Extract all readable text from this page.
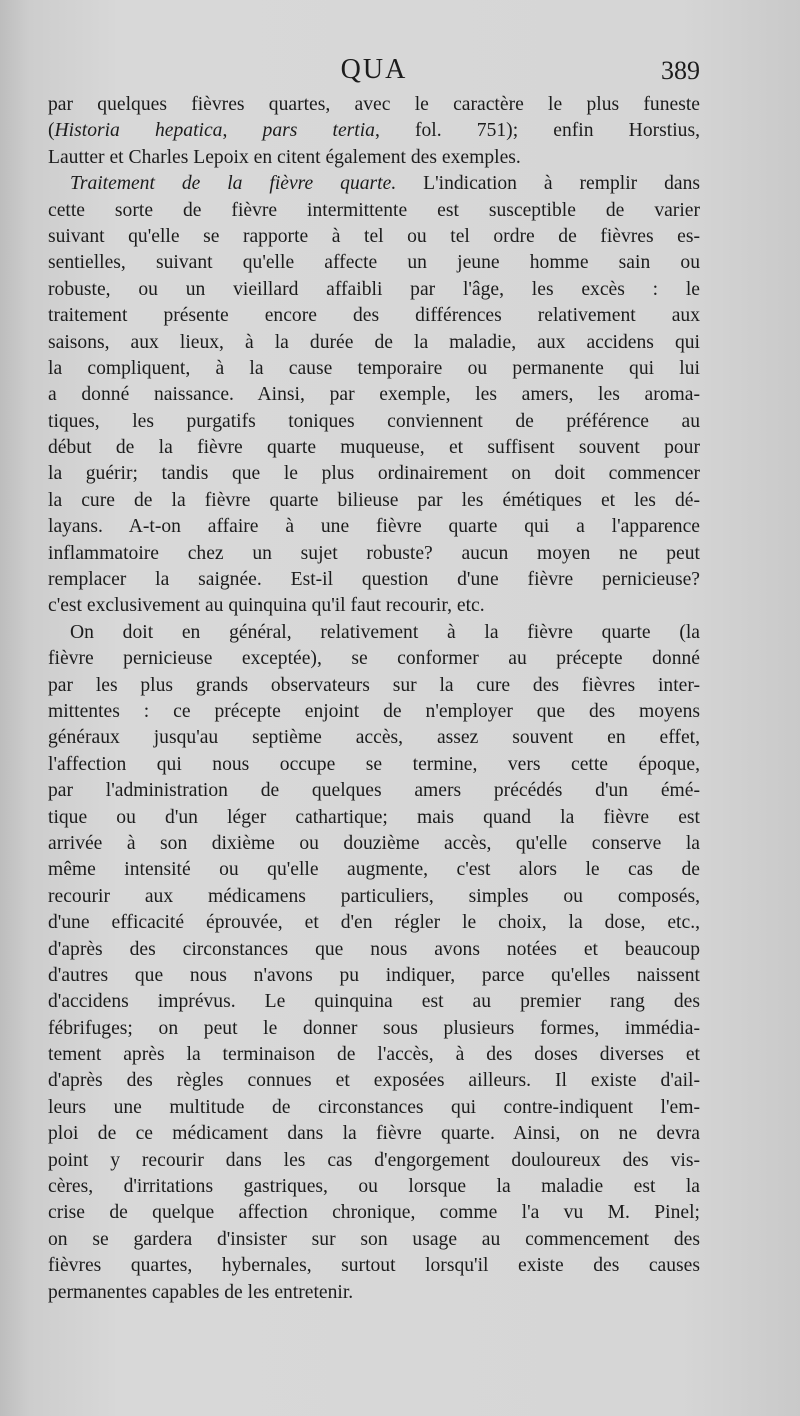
QUA	389
par quelques fièvres quartes, avec le caractère le plus funeste
(Historia hepatica, pars tertia, fol. 751); enfin Horstius,
Lautter et Charles Lepoix en citent également des exemples.
Traitement de la fièvre quarte. L'indication à remplir dans
cette sorte de fièvre intermittente est susceptible de varier
suivant qu'elle se rapporte à tel ou tel ordre de fièvres es-
sentielles, suivant qu'elle affecte un jeune homme sain ou
robuste, ou un vieillard affaibli par l'âge, les excès : le
traitement présente encore des différences relativement aux
saisons, aux lieux, à la durée de la maladie, aux accidens qui
la compliquent, à la cause temporaire ou permanente qui lui
a donné naissance. Ainsi, par exemple, les amers, les aroma-
tiques, les purgatifs toniques conviennent de préférence au
début de la fièvre quarte muqueuse, et suffisent souvent pour
la guérir; tandis que le plus ordinairement on doit commencer
la cure de la fièvre quarte bilieuse par les émétiques et les dé-
layans. A-t-on affaire à une fièvre quarte qui a l'apparence
inflammatoire chez un sujet robuste? aucun moyen ne peut
remplacer la saignée. Est-il question d'une fièvre pernicieuse?
c'est exclusivement au quinquina qu'il faut recourir, etc.
On doit en général, relativement à la fièvre quarte (la
fièvre pernicieuse exceptée), se conformer au précepte donné
par les plus grands observateurs sur la cure des fièvres inter-
mittentes : ce précepte enjoint de n'employer que des moyens
généraux jusqu'au septième accès, assez souvent en effet,
l'affection qui nous occupe se termine, vers cette époque,
par l'administration de quelques amers précédés d'un émé-
tique ou d'un léger cathartique; mais quand la fièvre est
arrivée à son dixième ou douzième accès, qu'elle conserve la
même intensité ou qu'elle augmente, c'est alors le cas de
recourir aux médicamens particuliers, simples ou composés,
d'une efficacité éprouvée, et d'en régler le choix, la dose, etc.,
d'après des circonstances que nous avons notées et beaucoup
d'autres que nous n'avons pu indiquer, parce qu'elles naissent
d'accidens imprévus. Le quinquina est au premier rang des
fébrifuges; on peut le donner sous plusieurs formes, immédia-
tement après la terminaison de l'accès, à des doses diverses et
d'après des règles connues et exposées ailleurs. Il existe d'ail-
leurs une multitude de circonstances qui contre-indiquent l'em-
ploi de ce médicament dans la fièvre quarte. Ainsi, on ne devra
point y recourir dans les cas d'engorgement douloureux des vis-
cères, d'irritations gastriques, ou lorsque la maladie est la
crise de quelque affection chronique, comme l'a vu M. Pinel;
on se gardera d'insister sur son usage au commencement des
fièvres quartes, hybernales, surtout lorsqu'il existe des causes
permanentes capables de les entretenir.
